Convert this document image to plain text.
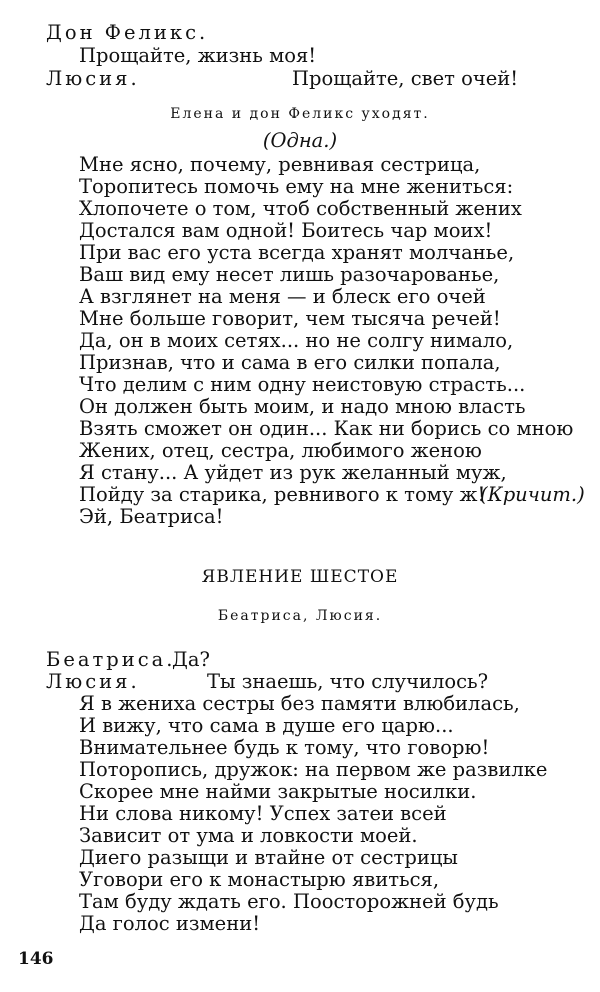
Дон Феликс.
Прощайте, жизнь моя!
Люсия.	Прощайте, свет очей!
Елена и дон Феликс уходят.
(Одна.)
Мне ясно, почему, ревнивая сестрица,
Торопитесь помочь ему на мне жениться:
Хлопочете о том, чтоб собственный жених
Достался вам одной! Боитесь чар моих!
При вас его уста всегда хранят молчанье,
Ваш вид ему несет лишь разочарованье,
А взглянет на меня — и блеск его очей
Мне больше говорит, чем тысяча речей!
Да, он в моих сетях... но не солгу нимало,
Признав, что и сама в его силки попала,
Что делим с ним одну неистовую страсть...
Он должен быть моим, и надо мною власть
Взять сможет он один... Как ни борись со мною
Жених, отец, сестра, любимого женою
Я стану... А уйдет из рук желанный муж,
Пойду за старика, ревнивого к тому ж!
(Кричит.)
Эй, Беатриса!
ЯВЛЕНИЕ ШЕСТОЕ
Беатриса, Люсия.
Беатриса.
Да?
Люсия.	Ты знаешь, что случилось?
Я в жениха сестры без памяти влюбилась,
И вижу, что сама в душе его царю...
Внимательнее будь к тому, что говорю!
Поторопись, дружок: на первом же развилке
Скорее мне найми закрытые носилки.
Ни слова никому! Успех затеи всей
Зависит от ума и ловкости моей.
Диего разыщи и втайне от сестрицы
Уговори его к монастырю явиться,
Там буду ждать его. Поосторожней будь
Да голос измени!
146
